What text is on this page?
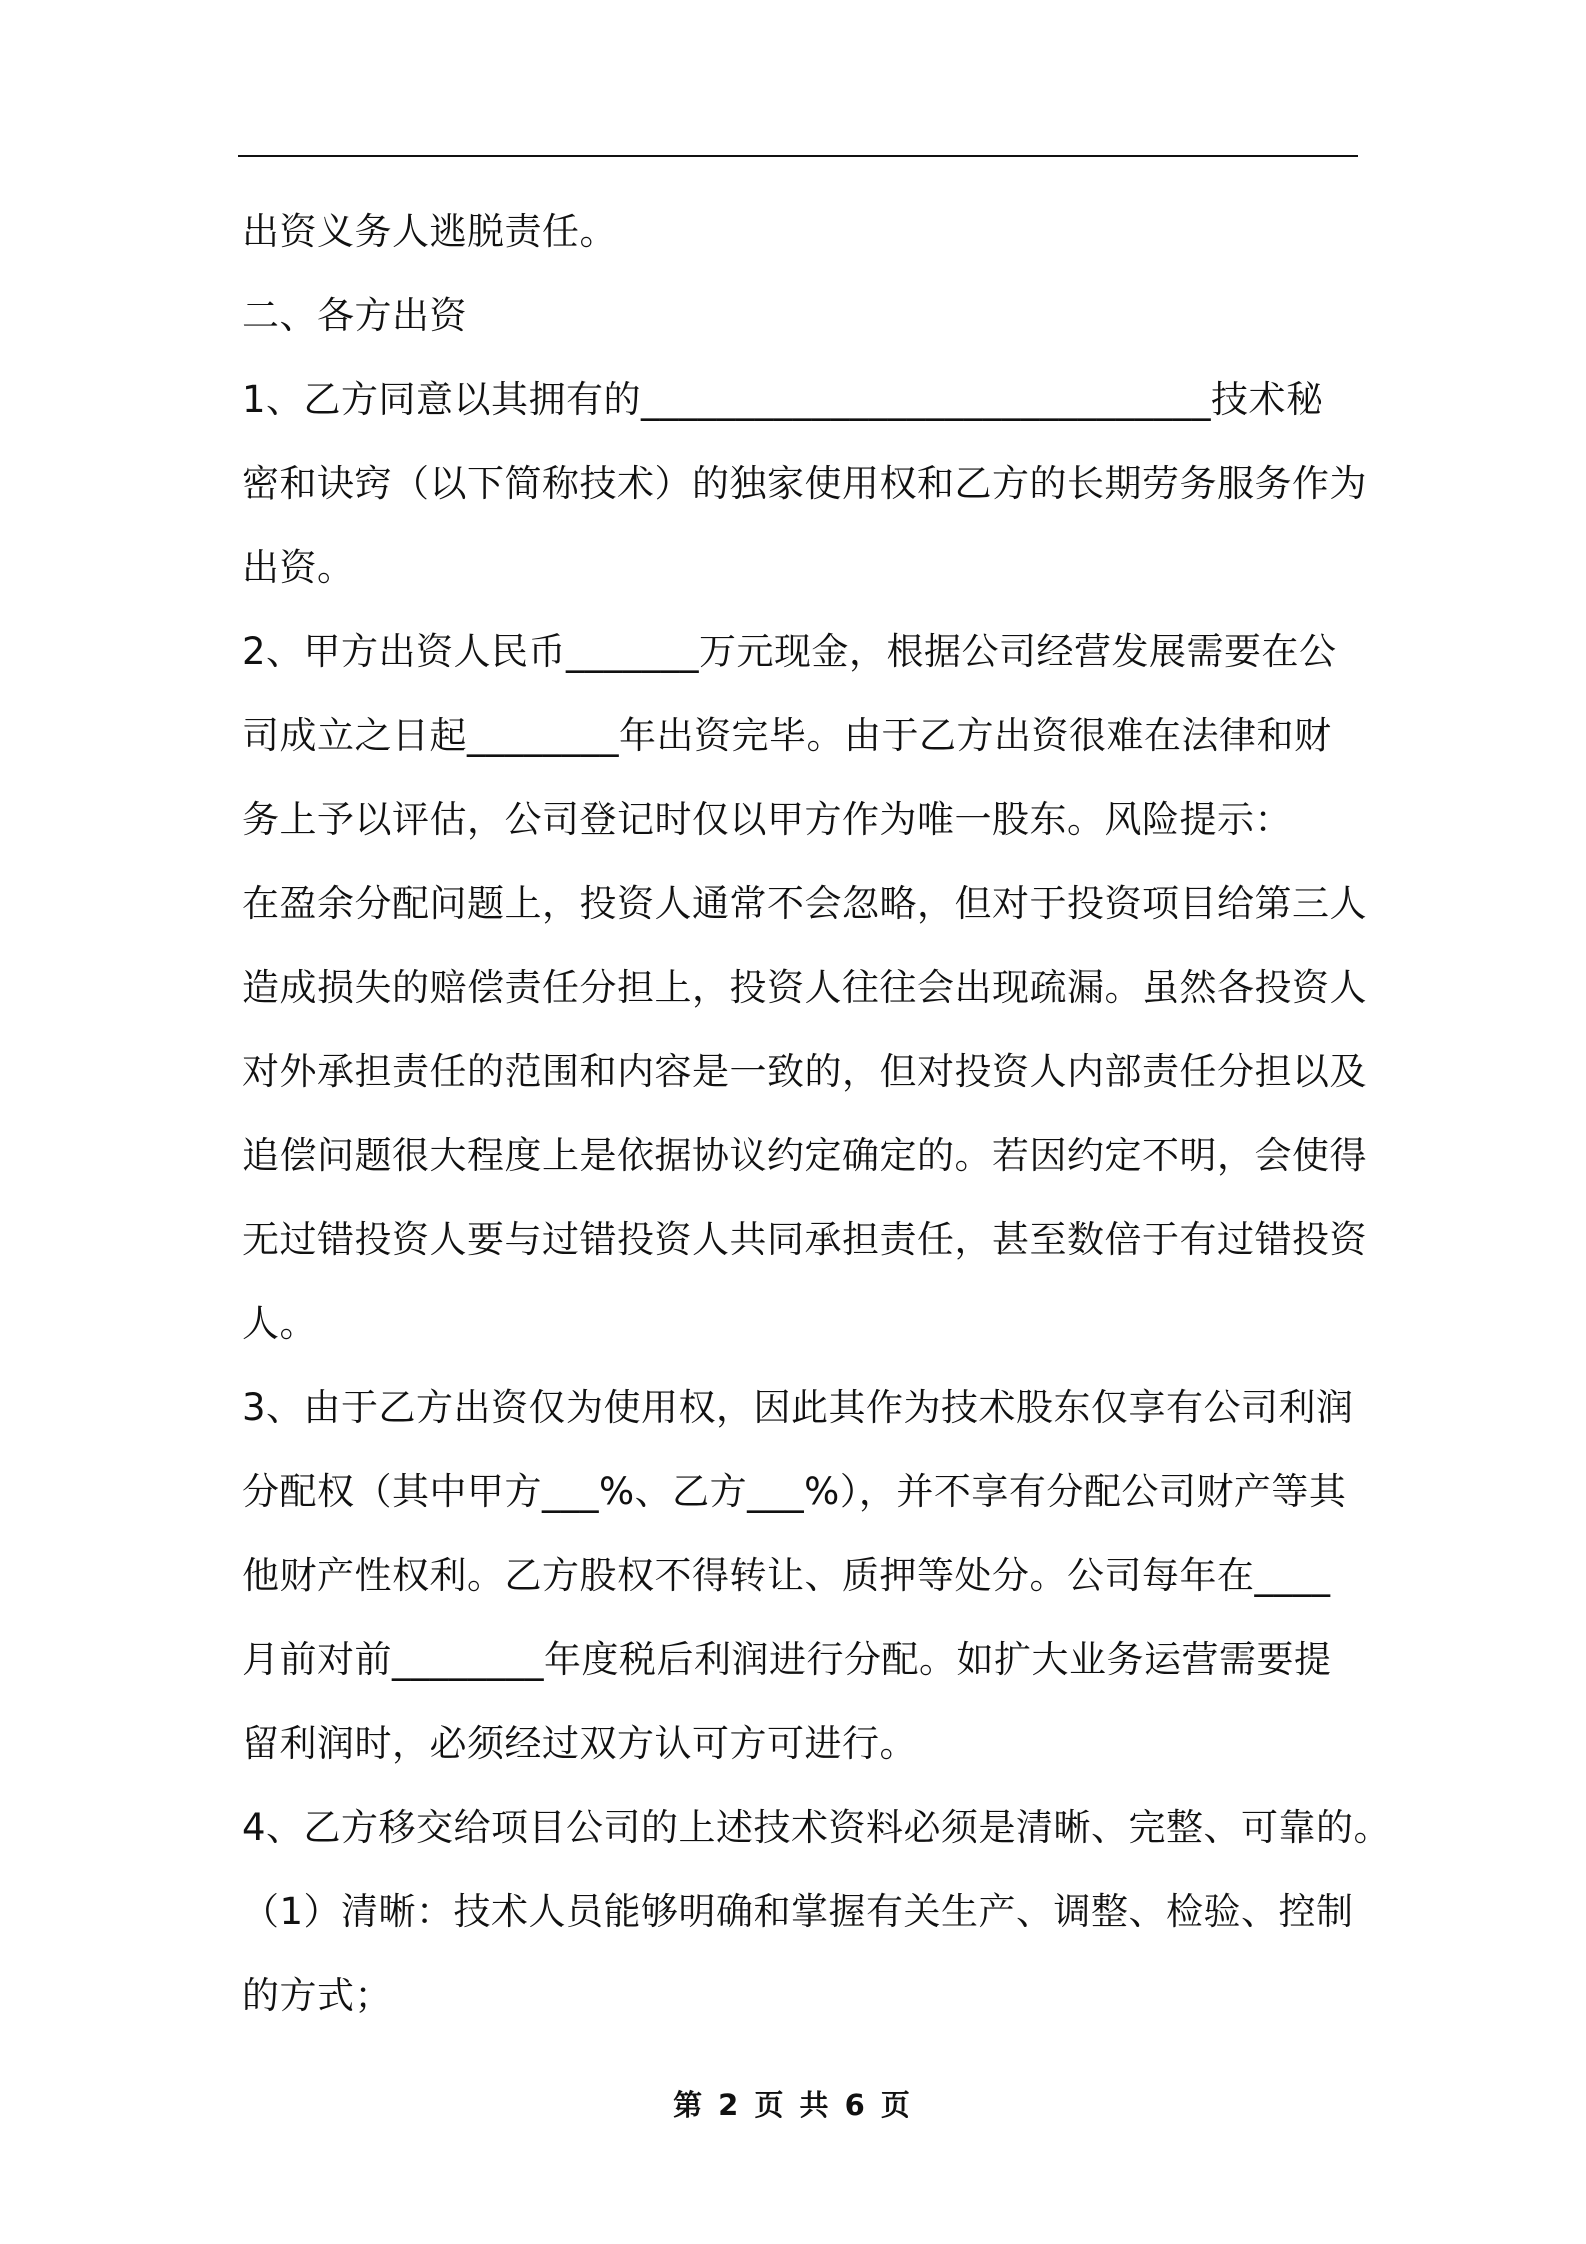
出资义务人逃脱责任。

二、各方出资

1、乙方同意以其拥有的______________________________技术秘

密和诀窍（以下简称技术）的独家使用权和乙方的长期劳务服务作为

出资。

2、甲方出资人民币_______万元现金，根据公司经营发展需要在公

司成立之日起________年出资完毕。由于乙方出资很难在法律和财

务上予以评估，公司登记时仅以甲方作为唯一股东。风险提示：

在盈余分配问题上，投资人通常不会忽略，但对于投资项目给第三人

造成损失的赔偿责任分担上，投资人往往会出现疏漏。虽然各投资人

对外承担责任的范围和内容是一致的，但对投资人内部责任分担以及

追偿问题很大程度上是依据协议约定确定的。若因约定不明，会使得

无过错投资人要与过错投资人共同承担责任，甚至数倍于有过错投资

人。

3、由于乙方出资仅为使用权，因此其作为技术股东仅享有公司利润

分配权（其中甲方___%、乙方___%），并不享有分配公司财产等其

他财产性权利。乙方股权不得转让、质押等处分。公司每年在____

月前对前________年度税后利润进行分配。如扩大业务运营需要提

留利润时，必须经过双方认可方可进行。

4、乙方移交给项目公司的上述技术资料必须是清晰、完整、可靠的。

（1）清晰：技术人员能够明确和掌握有关生产、调整、检验、控制

的方式；

第 2 页 共 6 页
